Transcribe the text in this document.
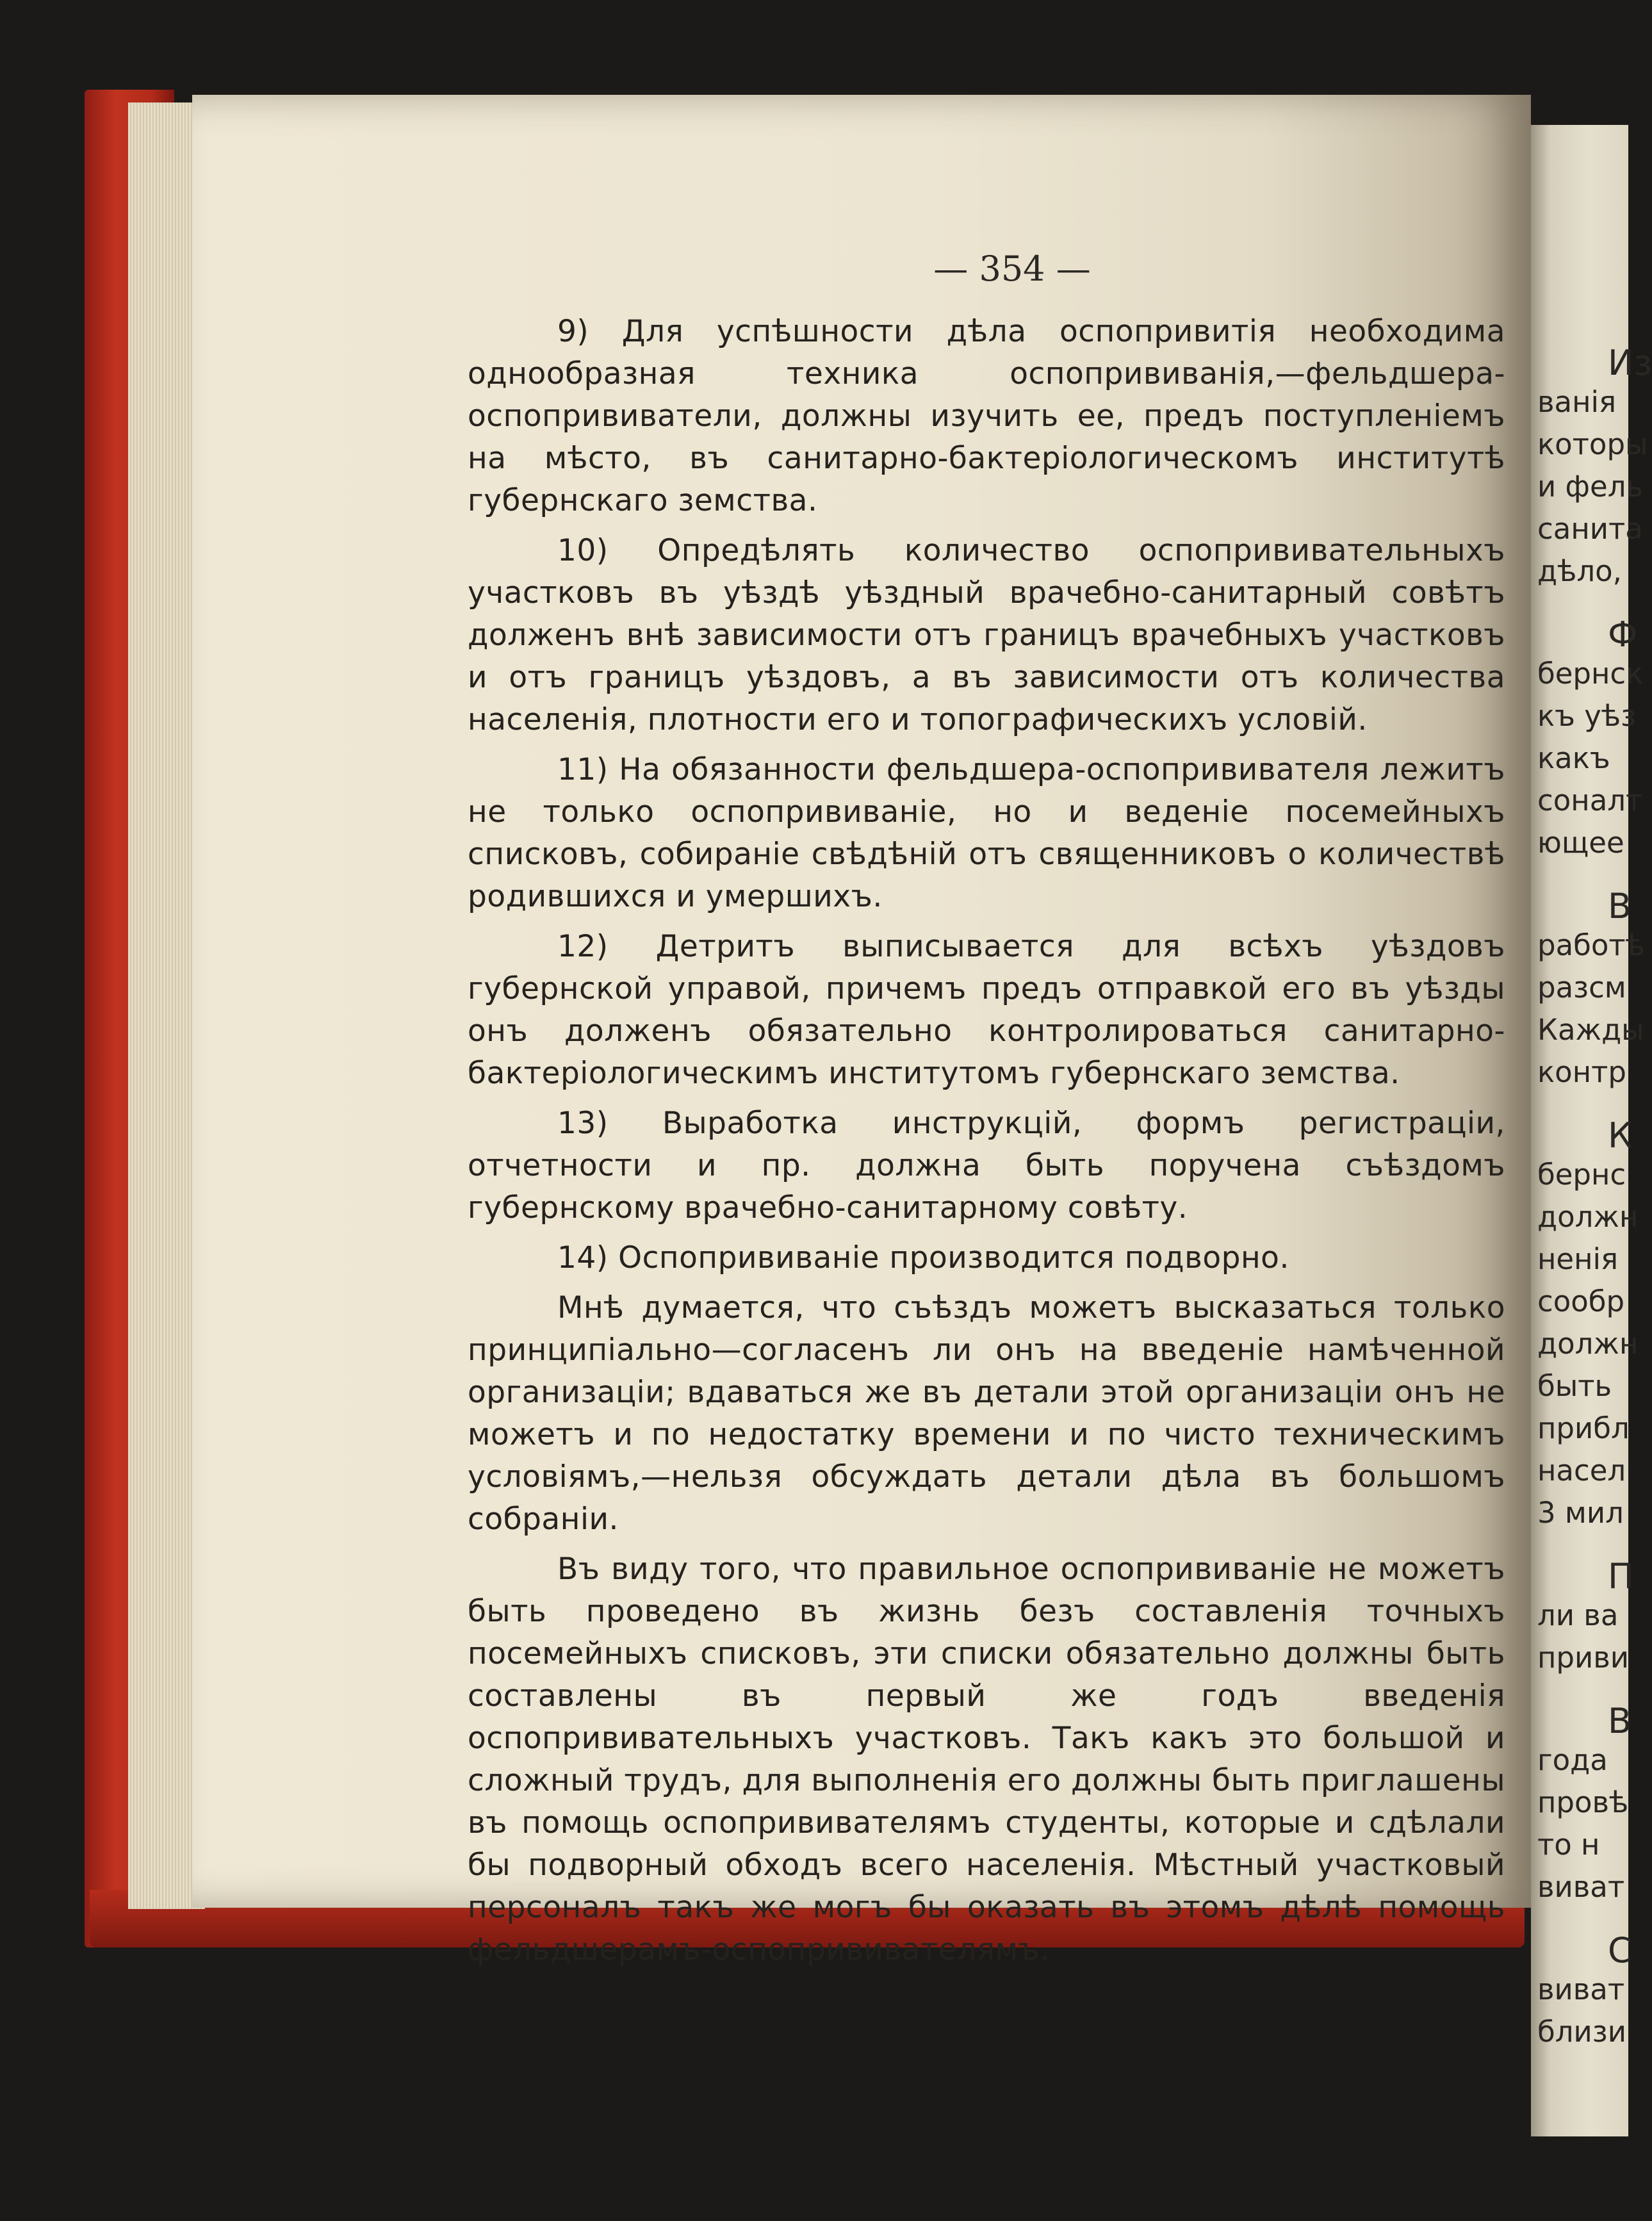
— 354 —

9) Для успѣшности дѣла оспопривитія необходима однообразная техника оспопрививанія,—фельдшера-оспопрививатели, должны изучить ее, предъ поступленіемъ на мѣсто, въ санитарно-бактеріологическомъ институтѣ губернскаго земства.

10) Опредѣлять количество оспопрививательныхъ участковъ въ уѣздѣ уѣздный врачебно-санитарный совѣтъ долженъ внѣ зависимости отъ границъ врачебныхъ участковъ и отъ границъ уѣздовъ, а въ зависимости отъ количества населенія, плотности его и топографическихъ условій.

11) На обязанности фельдшера-оспопрививателя лежитъ не только оспопрививаніе, но и веденіе посемейныхъ списковъ, собираніе свѣдѣній отъ священниковъ о количествѣ родившихся и умершихъ.

12) Детритъ выписывается для всѣхъ уѣздовъ губернской управой, причемъ предъ отправкой его въ уѣзды онъ долженъ обязательно контролироваться санитарно-бактеріологическимъ институтомъ губернскаго земства.

13) Выработка инструкцій, формъ регистраціи, отчетности и пр. должна быть поручена съѣздомъ губернскому врачебно-санитарному совѣту.

14) Оспопрививаніе производится подворно.

Мнѣ думается, что съѣздъ можетъ высказаться только принципіально—согласенъ ли онъ на введеніе намѣченной организаціи; вдаваться же въ детали этой организаціи онъ не можетъ и по недостатку времени и по чисто техническимъ условіямъ,—нельзя обсуждать детали дѣла въ большомъ собраніи.

Въ виду того, что правильное оспопрививаніе не можетъ быть проведено въ жизнь безъ составленія точныхъ посемейныхъ списковъ, эти списки обязательно должны быть составлены въ первый же годъ введенія оспопрививательныхъ участковъ. Такъ какъ это большой и сложный трудъ, для выполненія его должны быть приглашены въ помощь оспопрививателямъ студенты, которые и сдѣлали бы подворный обходъ всего населенія. Мѣстный участковый персоналъ такъ же могъ бы оказать въ этомъ дѣлѣ помощь фельдшерамъ-оспопрививателямъ.

Из
ванія
которы
и фель
санита
дѣло,
Ф
бернск
къ уѣз
какъ
соналт
ющее
В
работѣ
разсм
Кажды
контр
К
бернс
должн
ненія
сообр
должн
быть
прибл
насел
3 мил
П
ли ва
приви
В
года
провѣ
то н
виват
С
виват
близи
